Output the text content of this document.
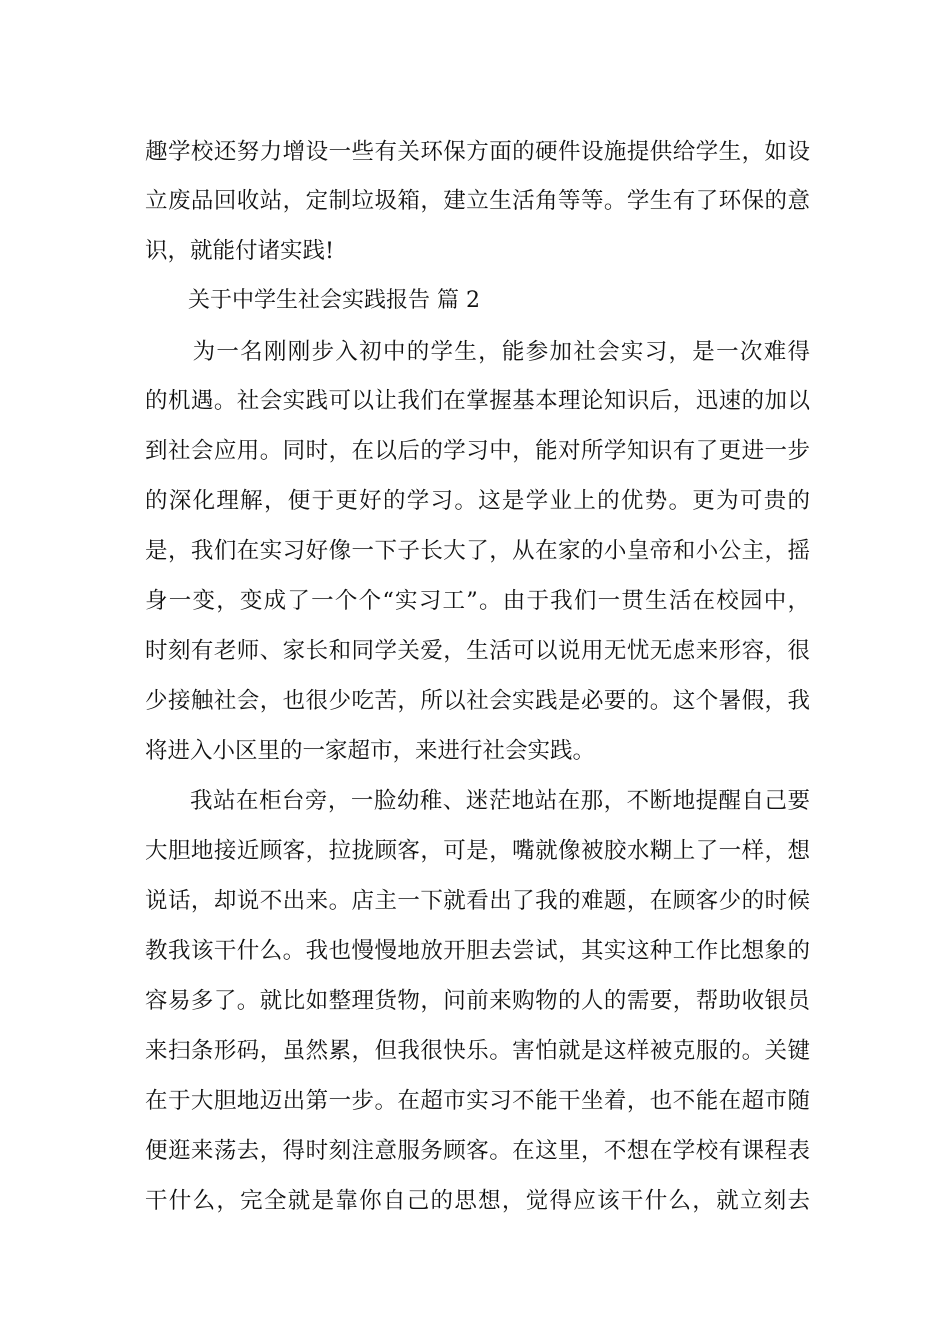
趣学校还努力增设一些有关环保方面的硬件设施提供给学生，如设
立废品回收站，定制垃圾箱，建立生活角等等。学生有了环保的意
识，就能付诸实践!
关于中学生社会实践报告 篇 2
　　为一名刚刚步入初中的学生，能参加社会实习，是一次难得
的机遇。社会实践可以让我们在掌握基本理论知识后，迅速的加以
到社会应用。同时，在以后的学习中，能对所学知识有了更进一步
的深化理解，便于更好的学习。这是学业上的优势。更为可贵的
是，我们在实习好像一下子长大了，从在家的小皇帝和小公主，摇
身一变，变成了一个个“实习工”。由于我们一贯生活在校园中，
时刻有老师、家长和同学关爱，生活可以说用无忧无虑来形容，很
少接触社会，也很少吃苦，所以社会实践是必要的。这个暑假，我
将进入小区里的一家超市，来进行社会实践。
我站在柜台旁，一脸幼稚、迷茫地站在那，不断地提醒自己要
大胆地接近顾客，拉拢顾客，可是，嘴就像被胶水糊上了一样，想
说话，却说不出来。店主一下就看出了我的难题，在顾客少的时候
教我该干什么。我也慢慢地放开胆去尝试，其实这种工作比想象的
容易多了。就比如整理货物，问前来购物的人的需要，帮助收银员
来扫条形码，虽然累，但我很快乐。害怕就是这样被克服的。关键
在于大胆地迈出第一步。在超市实习不能干坐着，也不能在超市随
便逛来荡去，得时刻注意服务顾客。在这里，不想在学校有课程表
干什么，完全就是靠你自己的思想，觉得应该干什么，就立刻去
